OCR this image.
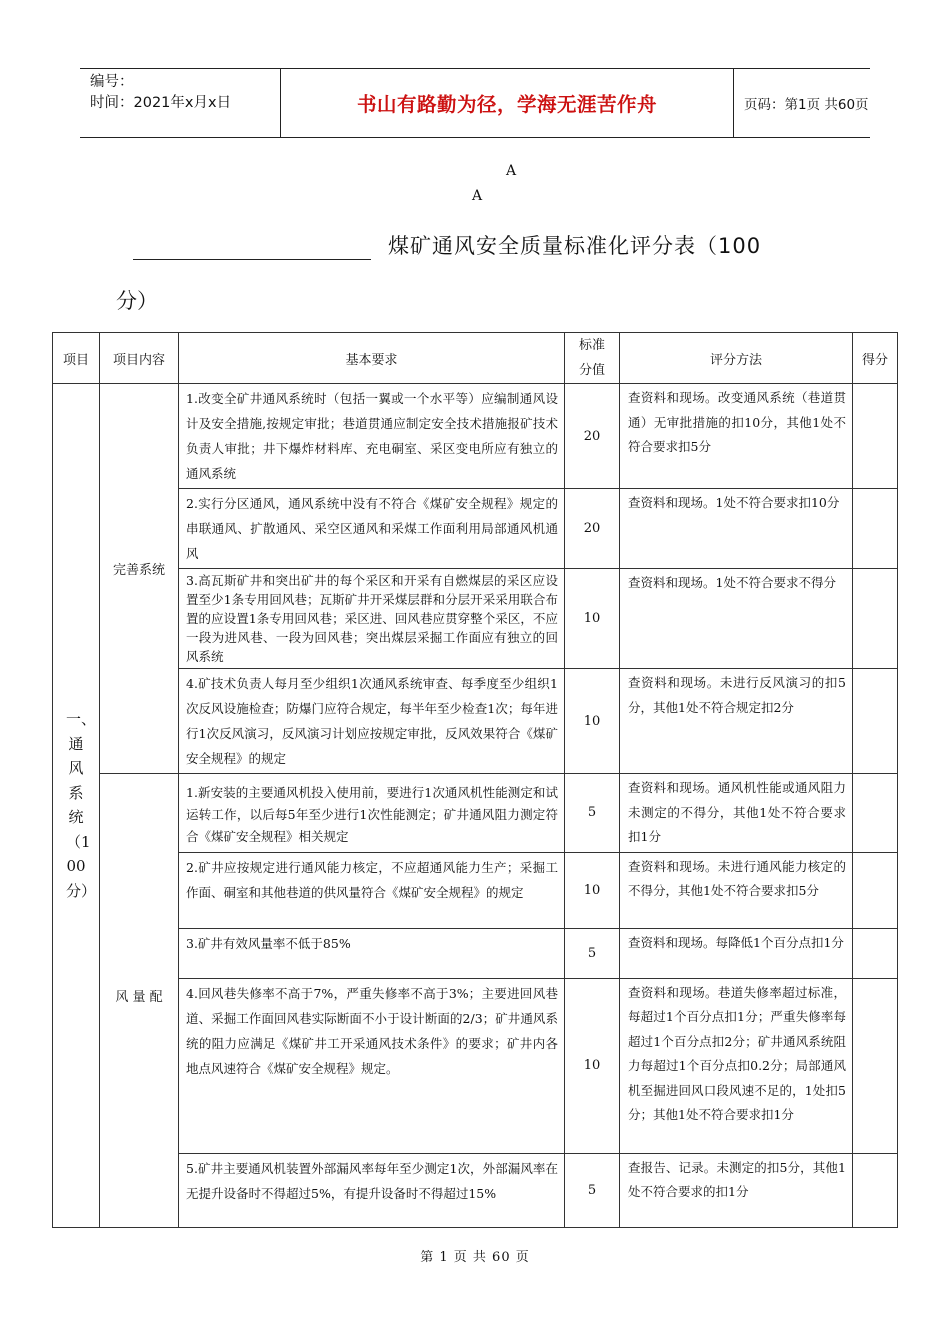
编号：
时间：2021年x月x日	书山有路勤为径，学海无涯苦作舟	页码：第1页 共60页
A
A
煤矿通风安全质量标准化评分表（100
分）
项目	项目内容	基本要求	标准分值	评分方法	得分
一、通风系统（100分）	完善系统	1.改变全矿井通风系统时（包括一翼或一个水平等）应编制通风设计及安全措施,按规定审批；巷道贯通应制定安全技术措施报矿技术负责人审批；井下爆炸材料库、充电硐室、采区变电所应有独立的通风系统	20	查资料和现场。改变通风系统（巷道贯通）无审批措施的扣10分，其他1处不符合要求扣5分	
		2.实行分区通风，通风系统中没有不符合《煤矿安全规程》规定的串联通风、扩散通风、采空区通风和采煤工作面利用局部通风机通风	20	查资料和现场。1处不符合要求扣10分	
		3.高瓦斯矿井和突出矿井的每个采区和开采有自燃煤层的采区应设置至少1条专用回风巷；瓦斯矿井开采煤层群和分层开采采用联合布置的应设置1条专用回风巷；采区进、回风巷应贯穿整个采区，不应一段为进风巷、一段为回风巷；突出煤层采掘工作面应有独立的回风系统	10	查资料和现场。1处不符合要求不得分	
		4.矿技术负责人每月至少组织1次通风系统审查、每季度至少组织1次反风设施检查；防爆门应符合规定，每半年至少检查1次；每年进行1次反风演习，反风演习计划应按规定审批，反风效果符合《煤矿安全规程》的规定	10	查资料和现场。未进行反风演习的扣5分，其他1处不符合规定扣2分	

	风 量 配	1.新安装的主要通风机投入使用前，要进行1次通风机性能测定和试运转工作，以后每5年至少进行1次性能测定；矿井通风阻力测定符合《煤矿安全规程》相关规定	5	查资料和现场。通风机性能或通风阻力未测定的不得分，其他1处不符合要求扣1分	
		2.矿井应按规定进行通风能力核定，不应超通风能力生产；采掘工作面、硐室和其他巷道的供风量符合《煤矿安全规程》的规定	10	查资料和现场。未进行通风能力核定的不得分，其他1处不符合要求扣5分	
		3.矿井有效风量率不低于85%	5	查资料和现场。每降低1个百分点扣1分	
		4.回风巷失修率不高于7%，严重失修率不高于3%；主要进回风巷道、采掘工作面回风巷实际断面不小于设计断面的2/3；矿井通风系统的阻力应满足《煤矿井工开采通风技术条件》的要求；矿井内各地点风速符合《煤矿安全规程》规定。	10	查资料和现场。巷道失修率超过标准，每超过1个百分点扣1分；严重失修率每超过1个百分点扣2分；矿井通风系统阻力每超过1个百分点扣0.2分；局部通风机至掘进回风口段风速不足的，1处扣5分；其他1处不符合要求扣1分	
		5.矿井主要通风机装置外部漏风率每年至少测定1次，外部漏风率在无提升设备时不得超过5%，有提升设备时不得超过15%	5	查报告、记录。未测定的扣5分，其他1处不符合要求的扣1分	
第 1 页 共 60 页
